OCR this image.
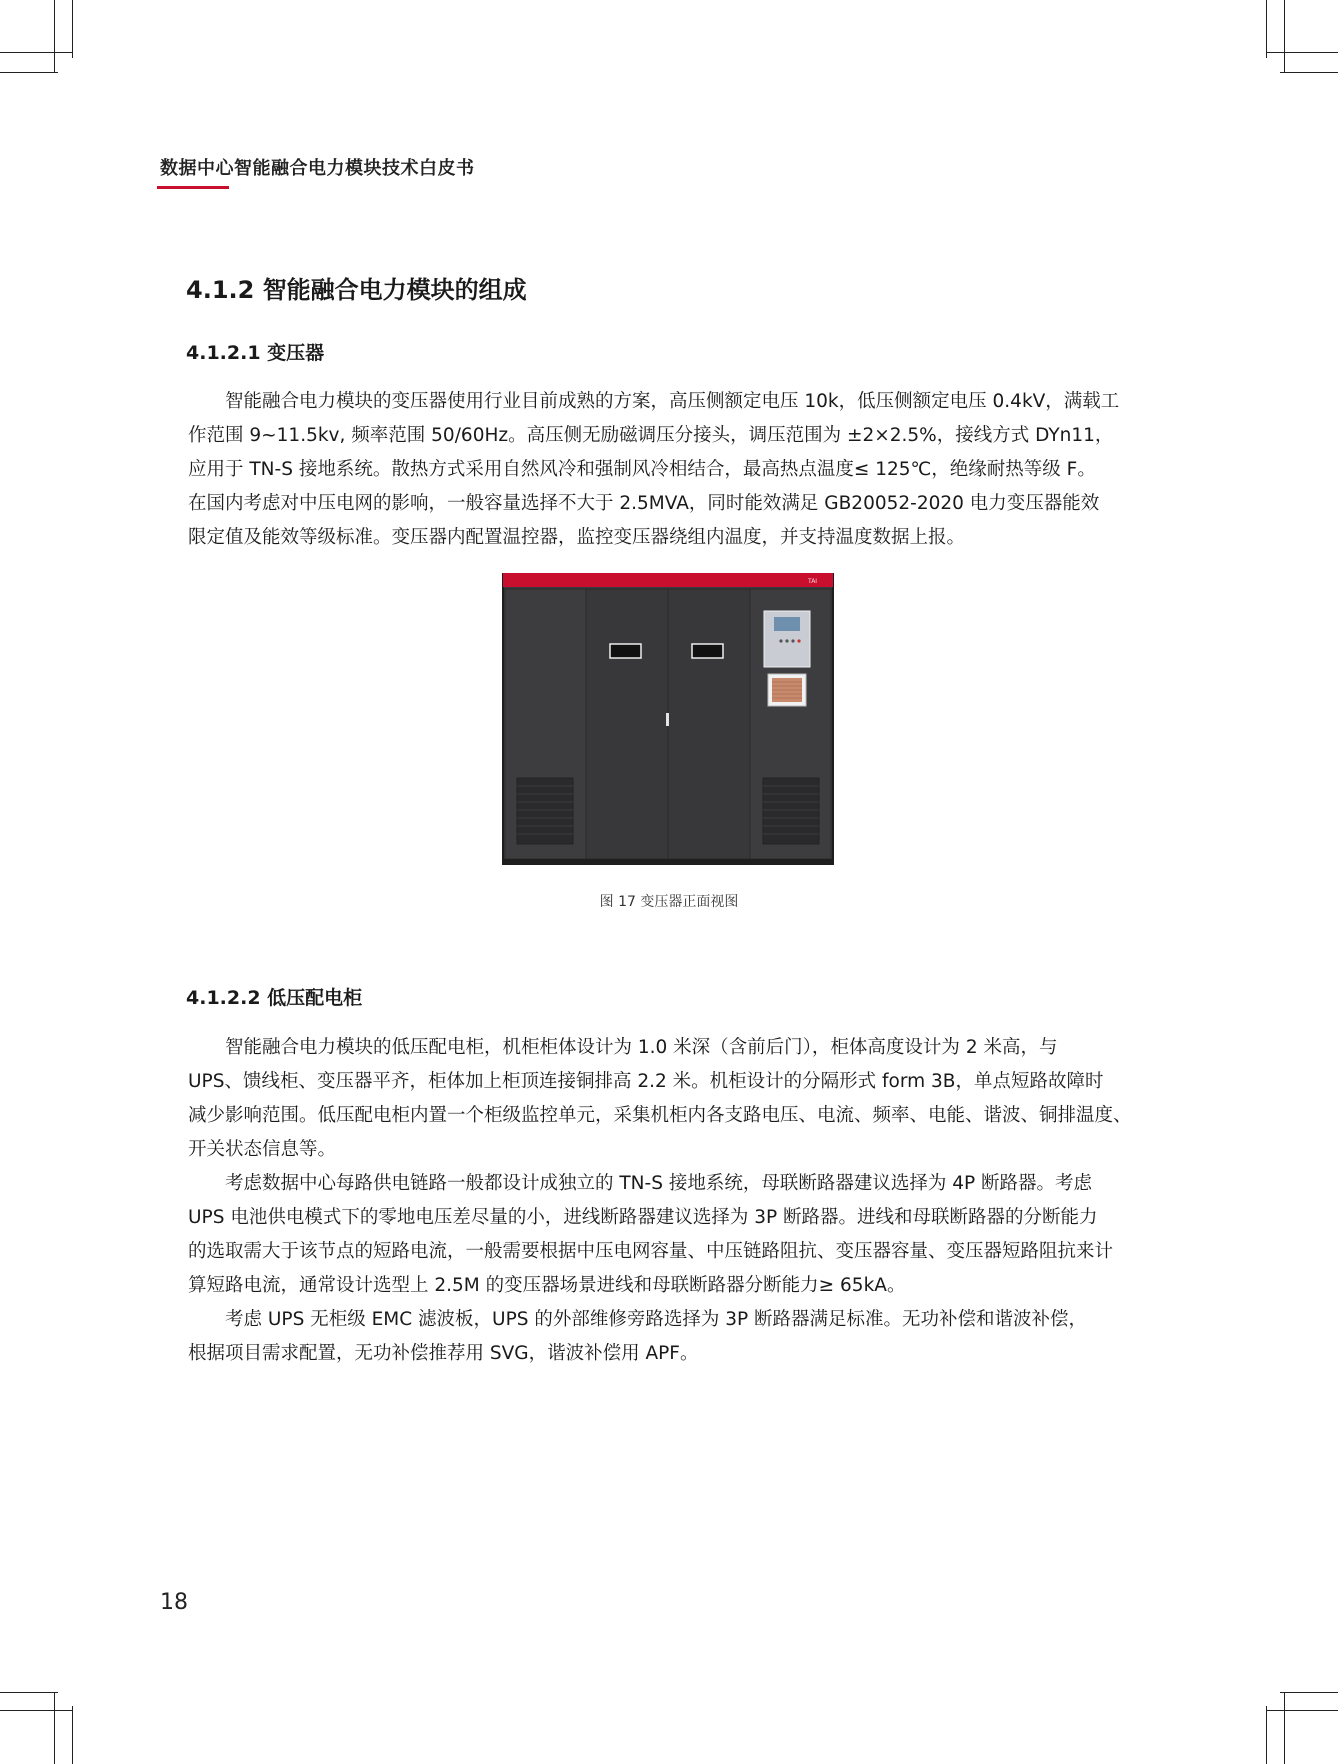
数据中心智能融合电力模块技术白皮书
4.1.2 智能融合电力模块的组成
4.1.2.1 变压器
智能融合电力模块的变压器使用行业目前成熟的方案，高压侧额定电压 10k，低压侧额定电压 0.4kV，满载工
作范围 9~11.5kv, 频率范围 50/60Hz。高压侧无励磁调压分接头，调压范围为 ±2×2.5%，接线方式 DYn11，
应用于 TN-S 接地系统。散热方式采用自然风冷和强制风冷相结合，最高热点温度≤ 125℃，绝缘耐热等级 F。
在国内考虑对中压电网的影响，一般容量选择不大于 2.5MVA，同时能效满足 GB20052-2020 电力变压器能效
限定值及能效等级标准。变压器内配置温控器，监控变压器绕组内温度，并支持温度数据上报。
TAI
图 17 变压器正面视图
4.1.2.2 低压配电柜
智能融合电力模块的低压配电柜，机柜柜体设计为 1.0 米深（含前后门），柜体高度设计为 2 米高，与
UPS、馈线柜、变压器平齐，柜体加上柜顶连接铜排高 2.2 米。机柜设计的分隔形式 form 3B，单点短路故障时
减少影响范围。低压配电柜内置一个柜级监控单元，采集机柜内各支路电压、电流、频率、电能、谐波、铜排温度、
开关状态信息等。
考虑数据中心每路供电链路一般都设计成独立的 TN-S 接地系统，母联断路器建议选择为 4P 断路器。考虑
UPS 电池供电模式下的零地电压差尽量的小，进线断路器建议选择为 3P 断路器。进线和母联断路器的分断能力
的选取需大于该节点的短路电流，一般需要根据中压电网容量、中压链路阻抗、变压器容量、变压器短路阻抗来计
算短路电流，通常设计选型上 2.5M 的变压器场景进线和母联断路器分断能力≥ 65kA。
考虑 UPS 无柜级 EMC 滤波板，UPS 的外部维修旁路选择为 3P 断路器满足标准。无功补偿和谐波补偿，
根据项目需求配置，无功补偿推荐用 SVG，谐波补偿用 APF。
18
